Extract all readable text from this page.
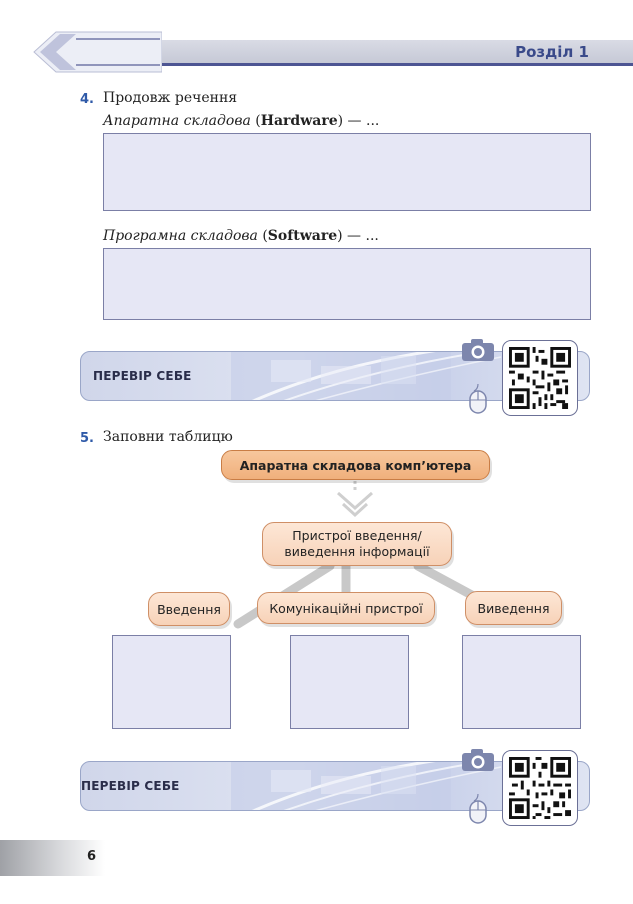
Розділ 1
4. Продовж речення
Апаратна складова (Hardware) — ...
Програмна складова (Software) — ...
ПЕРЕВІР СЕБЕ
5. Заповни таблицю
Апаратна складова комп’ютера
Пристрої введення/
виведення інформації
Введення	Комунікаційні пристрої	Виведення
ПЕРЕВІР СЕБЕ
6
